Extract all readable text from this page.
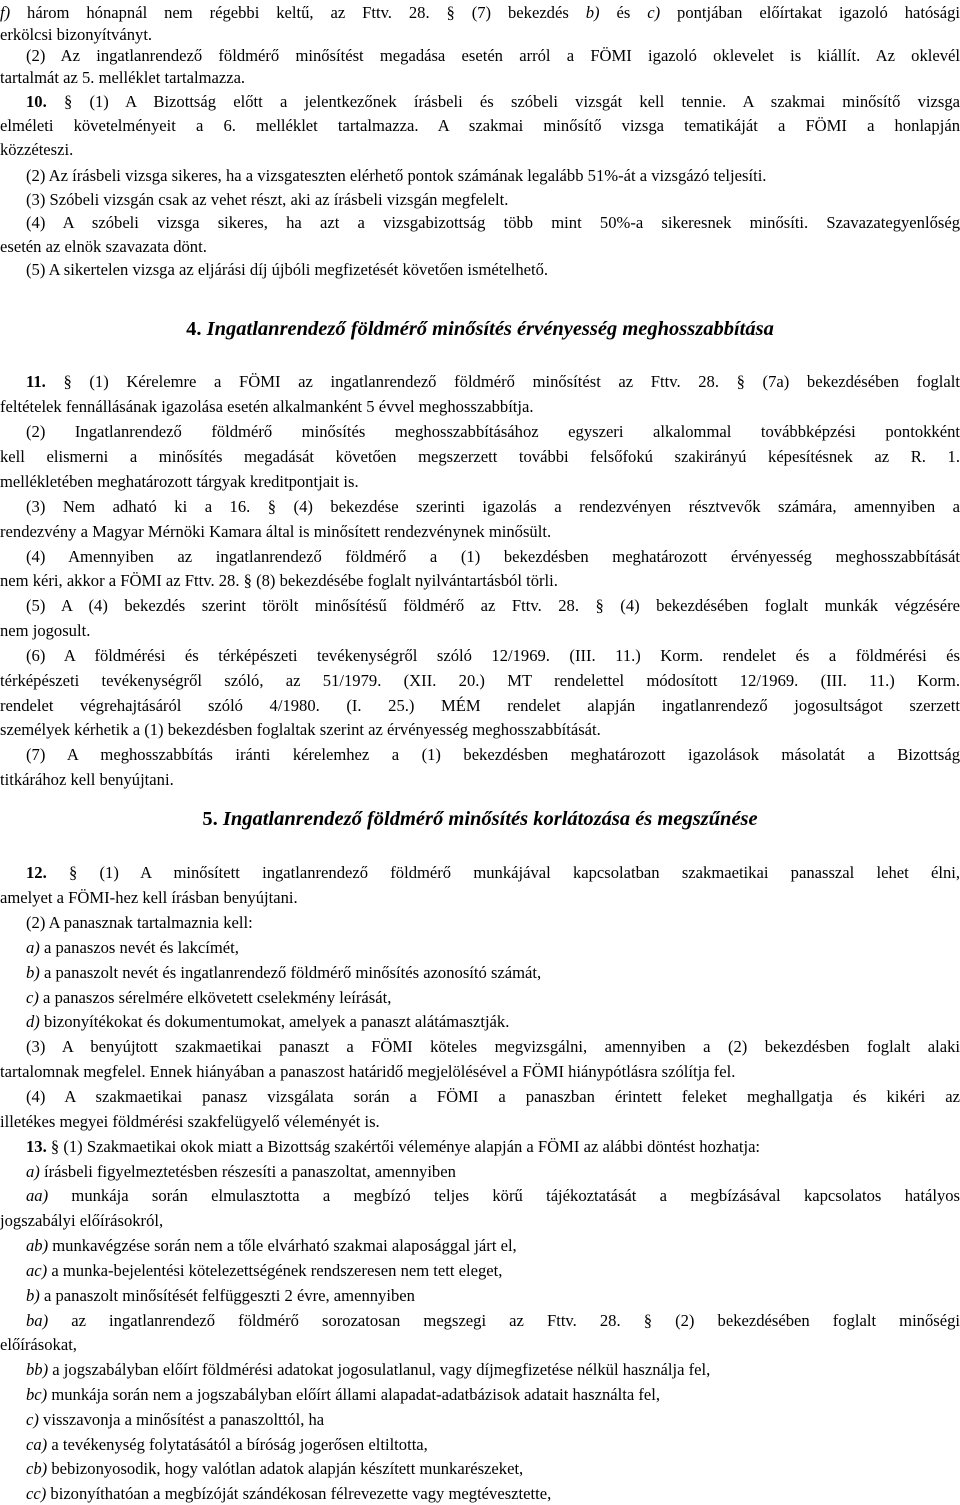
f) három hónapnál nem régebbi keltű, az Fttv. 28. § (7) bekezdés b) és c) pontjában előírtakat igazoló hatósági
erkölcsi bizonyítványt.
(2) Az ingatlanrendező földmérő minősítést megadása esetén arról a FÖMI igazoló oklevelet is kiállít. Az oklevél
tartalmát az 5. melléklet tartalmazza.
10. § (1) A Bizottság előtt a jelentkezőnek írásbeli és szóbeli vizsgát kell tennie. A szakmai minősítő vizsga
elméleti követelményeit a 6. melléklet tartalmazza. A szakmai minősítő vizsga tematikáját a FÖMI a honlapján
közzéteszi.
(2) Az írásbeli vizsga sikeres, ha a vizsgateszten elérhető pontok számának legalább 51%-át a vizsgázó teljesíti.
(3) Szóbeli vizsgán csak az vehet részt, aki az írásbeli vizsgán megfelelt.
(4) A szóbeli vizsga sikeres, ha azt a vizsgabizottság több mint 50%-a sikeresnek minősíti. Szavazategyenlőség
esetén az elnök szavazata dönt.
(5) A sikertelen vizsga az eljárási díj újbóli megfizetését követően ismételhető.
4. Ingatlanrendező földmérő minősítés érvényesség meghosszabbítása
11. § (1) Kérelemre a FÖMI az ingatlanrendező földmérő minősítést az Fttv. 28. § (7a) bekezdésében foglalt
feltételek fennállásának igazolása esetén alkalmanként 5 évvel meghosszabbítja.
(2) Ingatlanrendező földmérő minősítés meghosszabbításához egyszeri alkalommal továbbképzési pontokként
kell elismerni a minősítés megadását követően megszerzett további felsőfokú szakirányú képesítésnek az R. 1.
mellékletében meghatározott tárgyak kreditpontjait is.
(3) Nem adható ki a 16. § (4) bekezdése szerinti igazolás a rendezvényen résztvevők számára, amennyiben a
rendezvény a Magyar Mérnöki Kamara által is minősített rendezvénynek minősült.
(4) Amennyiben az ingatlanrendező földmérő a (1) bekezdésben meghatározott érvényesség meghosszabbítását
nem kéri, akkor a FÖMI az Fttv. 28. § (8) bekezdésébe foglalt nyilvántartásból törli.
(5) A (4) bekezdés szerint törölt minősítésű földmérő az Fttv. 28. § (4) bekezdésében foglalt munkák végzésére
nem jogosult.
(6) A földmérési és térképészeti tevékenységről szóló 12/1969. (III. 11.) Korm. rendelet és a földmérési és
térképészeti tevékenységről szóló, az 51/1979. (XII. 20.) MT rendelettel módosított 12/1969. (III. 11.) Korm.
rendelet végrehajtásáról szóló 4/1980. (I. 25.) MÉM rendelet alapján ingatlanrendező jogosultságot szerzett
személyek kérhetik a (1) bekezdésben foglaltak szerint az érvényesség meghosszabbítását.
(7) A meghosszabbítás iránti kérelemhez a (1) bekezdésben meghatározott igazolások másolatát a Bizottság
titkárához kell benyújtani.
5. Ingatlanrendező földmérő minősítés korlátozása és megszűnése
12. § (1) A minősített ingatlanrendező földmérő munkájával kapcsolatban szakmaetikai panasszal lehet élni,
amelyet a FÖMI-hez kell írásban benyújtani.
(2) A panasznak tartalmaznia kell:
a) a panaszos nevét és lakcímét,
b) a panaszolt nevét és ingatlanrendező földmérő minősítés azonosító számát,
c) a panaszos sérelmére elkövetett cselekmény leírását,
d) bizonyítékokat és dokumentumokat, amelyek a panaszt alátámasztják.
(3) A benyújtott szakmaetikai panaszt a FÖMI köteles megvizsgálni, amennyiben a (2) bekezdésben foglalt alaki
tartalomnak megfelel. Ennek hiányában a panaszost határidő megjelölésével a FÖMI hiánypótlásra szólítja fel.
(4) A szakmaetikai panasz vizsgálata során a FÖMI a panaszban érintett feleket meghallgatja és kikéri az
illetékes megyei földmérési szakfelügyelő véleményét is.
13. § (1) Szakmaetikai okok miatt a Bizottság szakértői véleménye alapján a FÖMI az alábbi döntést hozhatja:
a) írásbeli figyelmeztetésben részesíti a panaszoltat, amennyiben
aa) munkája során elmulasztotta a megbízó teljes körű tájékoztatását a megbízásával kapcsolatos hatályos
jogszabályi előírásokról,
ab) munkavégzése során nem a tőle elvárható szakmai alaposággal járt el,
ac) a munka-bejelentési kötelezettségének rendszeresen nem tett eleget,
b) a panaszolt minősítését felfüggeszti 2 évre, amennyiben
ba) az ingatlanrendező földmérő sorozatosan megszegi az Fttv. 28. § (2) bekezdésében foglalt minőségi
előírásokat,
bb) a jogszabályban előírt földmérési adatokat jogosulatlanul, vagy díjmegfizetése nélkül használja fel,
bc) munkája során nem a jogszabályban előírt állami alapadat-adatbázisok adatait használta fel,
c) visszavonja a minősítést a panaszolttól, ha
ca) a tevékenység folytatásától a bíróság jogerősen eltiltotta,
cb) bebizonyosodik, hogy valótlan adatok alapján készített munkarészeket,
cc) bizonyíthatóan a megbízóját szándékosan félrevezette vagy megtévesztette,
